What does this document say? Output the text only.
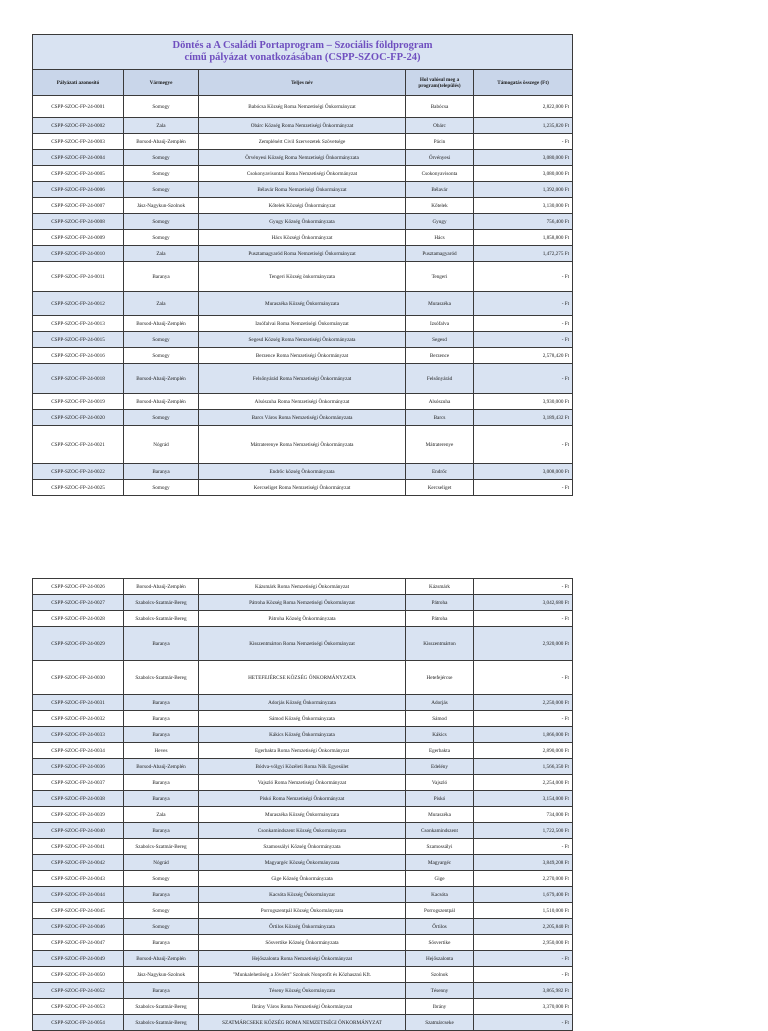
Döntés a A Családi Portaprogram – Szociális földprogram
című pályázat vonatkozásában (CSPP-SZOC-FP-24)				
Pályázati azonosító	Vármegye	Teljes név	Hol valósul meg a program(település)	Támogatás összege (Ft)
CSPP-SZOC-FP-24-0001	Somogy	Babócsa Község Roma Nemzetiségi Önkormányzat	Babócsa	2,822,000 Ft
CSPP-SZOC-FP-24-0002	Zala	Obárc Község Roma Nemzetiségi Önkormányzat	Obárc	1,235,820 Ft
CSPP-SZOC-FP-24-0003	Borsod-Abaúj-Zemplén	Zemplénért Civil Szervezetek Szövetsége	Pácin	- Ft
CSPP-SZOC-FP-24-0004	Somogy	Örvényesi Község Roma Nemzetiségi Önkormányzata	Örvényesi	3,080,000 Ft
CSPP-SZOC-FP-24-0005	Somogy	Csokonyavisontai Roma Nemzetiségi Önkormányzat	Csokonyavisonta	3,080,000 Ft
CSPP-SZOC-FP-24-0006	Somogy	Bélavár Roma Nemzetiségi Önkormányzat	Bélavár	1,392,000 Ft
CSPP-SZOC-FP-24-0007	Jász-Nagykun-Szolnok	Kőtelek Községi Önkormányzat	Kőtelek	3,130,000 Ft
CSPP-SZOC-FP-24-0008	Somogy	Gyugy Község Önkormányzata	Gyugy	756,400 Ft
CSPP-SZOC-FP-24-0009	Somogy	Hács Községi Önkormányzat	Hács	1,858,800 Ft
CSPP-SZOC-FP-24-0010	Zala	Pusztamagyaród Roma Nemzetiségi Önkormányzat	Pusztamagyaród	1,472,275 Ft
CSPP-SZOC-FP-24-0011	Baranya	Tengeri Község önkormányzata	Tengeri	- Ft
CSPP-SZOC-FP-24-0012	Zala	Muraszéka Község Önkormányzata	Muraszéka	- Ft
CSPP-SZOC-FP-24-0013	Borsod-Abaúj-Zemplén	Izsófalvai Roma Nemzetiségi Önkormányzat	Izsófalva	- Ft
CSPP-SZOC-FP-24-0015	Somogy	Segesd Község Roma Nemzetiségi Önkormányzata	Segesd	- Ft
CSPP-SZOC-FP-24-0016	Somogy	Berzence Roma Nemzetiségi Önkormányzat	Berzence	2,578,420 Ft
CSPP-SZOC-FP-24-0018	Borsod-Abaúj-Zemplén	Felsőnyárád Roma Nemzetiségi Önkormányzat	Felsőnyárád	- Ft
CSPP-SZOC-FP-24-0019	Borsod-Abaúj-Zemplén	Alsószuha Roma Nemzetiségi Önkormányzat	Alsószuha	3,930,000 Ft
CSPP-SZOC-FP-24-0020	Somogy	Barcs Város Roma Nemzetiségi Önkormányzata	Barcs	3,189,432 Ft
CSPP-SZOC-FP-24-0021	Nógrád	Mátraterenye Roma Nemzetiségi Önkormányzata	Mátraterenye	- Ft
CSPP-SZOC-FP-24-0022	Baranya	Endrőc község Önkormányzata	Endrőc	3,008,000 Ft
CSPP-SZOC-FP-24-0025	Somogy	Kercseliget Roma Nemzetiségi Önkormányzat	Kercseliget	- Ft
CSPP-SZOC-FP-24-0026	Borsod-Abaúj-Zemplén	Kázsmárk Roma Nemzetiségi Önkormányzat	Kázsmárk	- Ft
CSPP-SZOC-FP-24-0027	Szabolcs-Szatmár-Bereg	Pátroha Község Roma Nemzetiségi Önkormányzat	Pátroha	3,042,680 Ft
CSPP-SZOC-FP-24-0028	Szabolcs-Szatmár-Bereg	Pátroha Község Önkormányzata	Pátroha	- Ft
CSPP-SZOC-FP-24-0029	Baranya	Kisszentmárton Roma Nemzetiségi Önkormányzat	Kisszentmárton	2,920,000 Ft
CSPP-SZOC-FP-24-0030	Szabolcs-Szatmár-Bereg	HETEFEJÉRCSE KÖZSÉG ÖNKORMÁNYZATA	Hetefejércse	- Ft
CSPP-SZOC-FP-24-0031	Baranya	Adorjás Község Önkormányzata	Adorjás	2,250,000 Ft
CSPP-SZOC-FP-24-0032	Baranya	Sámod Község Önkormányzata	Sámod	- Ft
CSPP-SZOC-FP-24-0033	Baranya	Kákics Község Önkormányzata	Kákics	1,866,000 Ft
CSPP-SZOC-FP-24-0034	Heves	Egerbakta Roma Nemzetiségi Önkormányzat	Egerbakta	2,890,000 Ft
CSPP-SZOC-FP-24-0036	Borsod-Abaúj-Zemplén	Bódva-völgyi Közéleti Roma Nők Egyesület	Edelény	1,566,350 Ft
CSPP-SZOC-FP-24-0037	Baranya	Vajszló Roma Nemzetiségi Önkormányzat	Vajszló	2,254,000 Ft
CSPP-SZOC-FP-24-0038	Baranya	Piskó Roma Nemzetiségi Önkormányzat	Piskó	3,154,000 Ft
CSPP-SZOC-FP-24-0039	Zala	Muraszéka Község Önkormányzata	Muraszéka	734,000 Ft
CSPP-SZOC-FP-24-0040	Baranya	Csonkamindszent Község Önkormányzata	Csonkamindszent	1,722,500 Ft
CSPP-SZOC-FP-24-0041	Szabolcs-Szatmár-Bereg	Szamossályi Község Önkormányzata	Szamossályi	- Ft
CSPP-SZOC-FP-24-0042	Nógrád	Magyargéc Község Önkormányzata	Magyargéc	3,849,208 Ft
CSPP-SZOC-FP-24-0043	Somogy	Gige Község Önkormányzata	Gige	2,270,000 Ft
CSPP-SZOC-FP-24-0044	Baranya	Kacsóta Község Önkormányzat	Kacsóta	1,679,400 Ft
CSPP-SZOC-FP-24-0045	Somogy	Porrogszentpál Község Önkormányzata	Porrogszentpál	1,510,000 Ft
CSPP-SZOC-FP-24-0046	Somogy	Őrtilos Község Önkormányzata	Őrtilos	2,205,840 Ft
CSPP-SZOC-FP-24-0047	Baranya	Sösvertike Község Önkormányzata	Sösvertike	2,950,000 Ft
CSPP-SZOC-FP-24-0049	Borsod-Abaúj-Zemplén	Hejőszalonta Roma Nemzetiségi Önkormányzat	Hejőszalonta	- Ft
CSPP-SZOC-FP-24-0050	Jász-Nagykun-Szolnok	"Munkalehetőség a Jövőért" Szolnok Nonprofit és Közhasznú Kft.	Szolnok	- Ft
CSPP-SZOC-FP-24-0052	Baranya	Téseny Község Önkormányzata	Tésenny	3,865,982 Ft
CSPP-SZOC-FP-24-0053	Szabolcs-Szatmár-Bereg	Ibrány Város Roma Nemzetiségi Önkormányzat	Ibrány	3,370,000 Ft
CSPP-SZOC-FP-24-0054	Szabolcs-Szatmár-Bereg	SZATMÁRCSEKE KÖZSÉG ROMA NEMZETISÉGI ÖNKORMÁNYZAT	Szatmárcseke	- Ft
